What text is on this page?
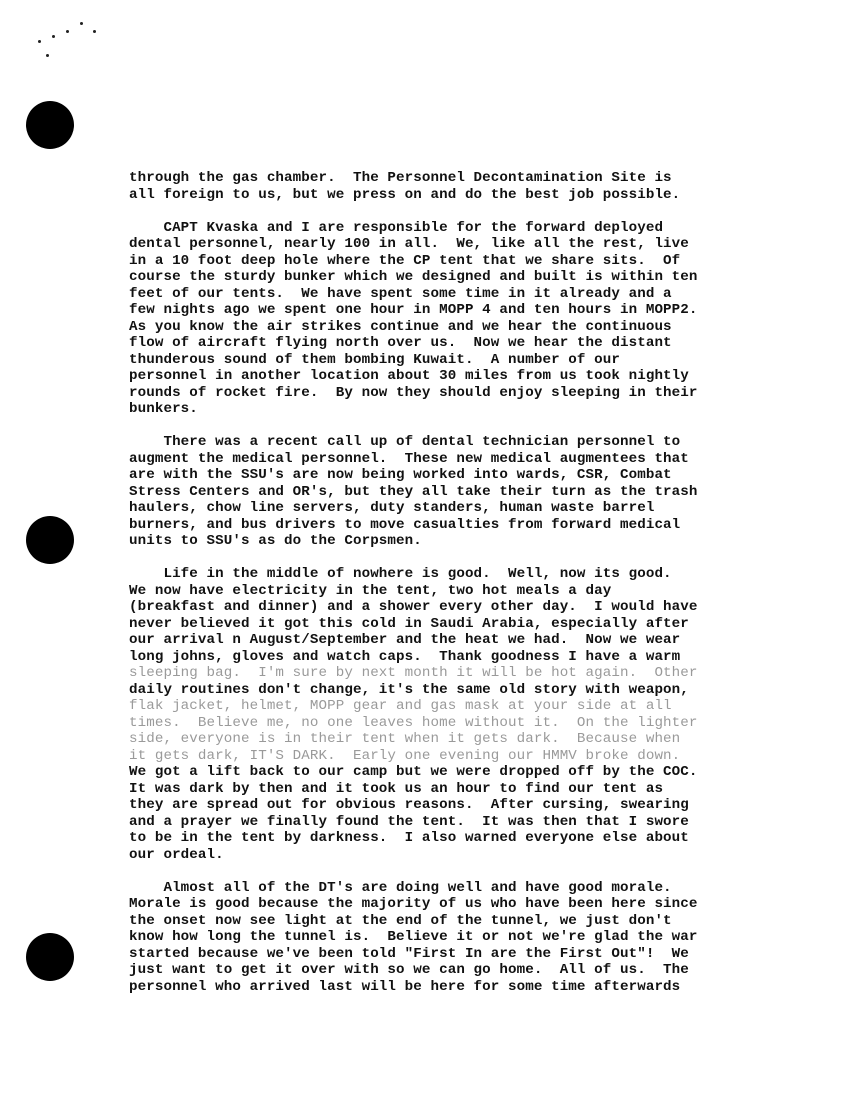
through the gas chamber.  The Personnel Decontamination Site is
all foreign to us, but we press on and do the best job possible.
CAPT Kvaska and I are responsible for the forward deployed
dental personnel, nearly 100 in all.  We, like all the rest, live
in a 10 foot deep hole where the CP tent that we share sits.  Of
course the sturdy bunker which we designed and built is within ten
feet of our tents.  We have spent some time in it already and a
few nights ago we spent one hour in MOPP 4 and ten hours in MOPP2.
As you know the air strikes continue and we hear the continuous
flow of aircraft flying north over us.  Now we hear the distant
thunderous sound of them bombing Kuwait.  A number of our
personnel in another location about 30 miles from us took nightly
rounds of rocket fire.  By now they should enjoy sleeping in their
bunkers.
There was a recent call up of dental technician personnel to
augment the medical personnel.  These new medical augmentees that
are with the SSU's are now being worked into wards, CSR, Combat
Stress Centers and OR's, but they all take their turn as the trash
haulers, chow line servers, duty standers, human waste barrel
burners, and bus drivers to move casualties from forward medical
units to SSU's as do the Corpsmen.
Life in the middle of nowhere is good.  Well, now its good.
We now have electricity in the tent, two hot meals a day
(breakfast and dinner) and a shower every other day.  I would have
never believed it got this cold in Saudi Arabia, especially after
our arrival n August/September and the heat we had.  Now we wear
long johns, gloves and watch caps.  Thank goodness I have a warm
sleeping bag.  I'm sure by next month it will be hot again.  Other
daily routines don't change, it's the same old story with weapon,
flak jacket, helmet, MOPP gear and gas mask at your side at all
times.  Believe me, no one leaves home without it.  On the lighter
side, everyone is in their tent when it gets dark.  Because when
it gets dark, IT'S DARK.  Early one evening our HMMV broke down.
We got a lift back to our camp but we were dropped off by the COC.
It was dark by then and it took us an hour to find our tent as
they are spread out for obvious reasons.  After cursing, swearing
and a prayer we finally found the tent.  It was then that I swore
to be in the tent by darkness.  I also warned everyone else about
our ordeal.
Almost all of the DT's are doing well and have good morale.
Morale is good because the majority of us who have been here since
the onset now see light at the end of the tunnel, we just don't
know how long the tunnel is.  Believe it or not we're glad the war
started because we've been told "First In are the First Out"!  We
just want to get it over with so we can go home.  All of us.  The
personnel who arrived last will be here for some time afterwards
